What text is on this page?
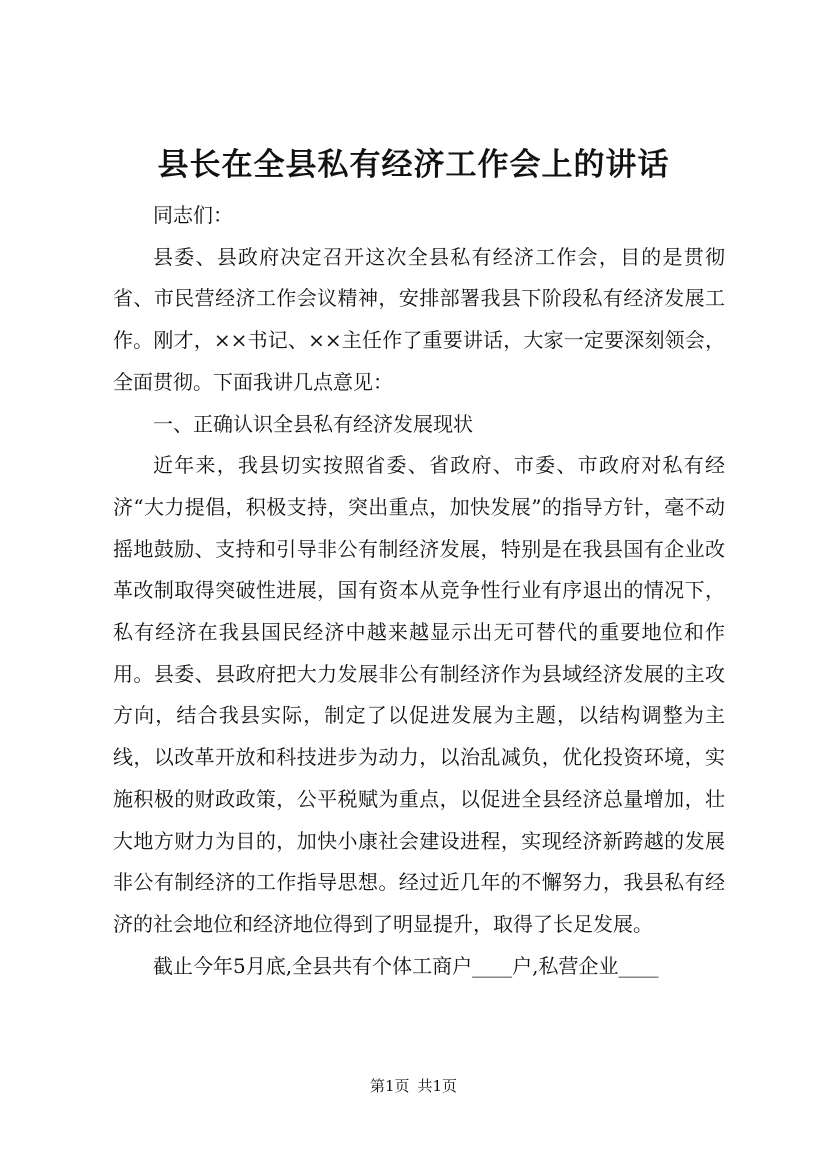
县长在全县私有经济工作会上的讲话

同志们：

县委、县政府决定召开这次全县私有经济工作会，目的是贯彻省、市民营经济工作会议精神，安排部署我县下阶段私有经济发展工作。刚才，××书记、××主任作了重要讲话，大家一定要深刻领会，全面贯彻。下面我讲几点意见：

一、正确认识全县私有经济发展现状

近年来，我县切实按照省委、省政府、市委、市政府对私有经济“大力提倡，积极支持，突出重点，加快发展”的指导方针，毫不动摇地鼓励、支持和引导非公有制经济发展，特别是在我县国有企业改革改制取得突破性进展，国有资本从竞争性行业有序退出的情况下，私有经济在我县国民经济中越来越显示出无可替代的重要地位和作用。县委、县政府把大力发展非公有制经济作为县域经济发展的主攻方向，结合我县实际，制定了以促进发展为主题，以结构调整为主线，以改革开放和科技进步为动力，以治乱减负，优化投资环境，实施积极的财政政策，公平税赋为重点，以促进全县经济总量增加，壮大地方财力为目的，加快小康社会建设进程，实现经济新跨越的发展非公有制经济的工作指导思想。经过近几年的不懈努力，我县私有经济的社会地位和经济地位得到了明显提升，取得了长足发展。

截止今年5月底,全县共有个体工商户____户,私营企业____

第1页 共1页
